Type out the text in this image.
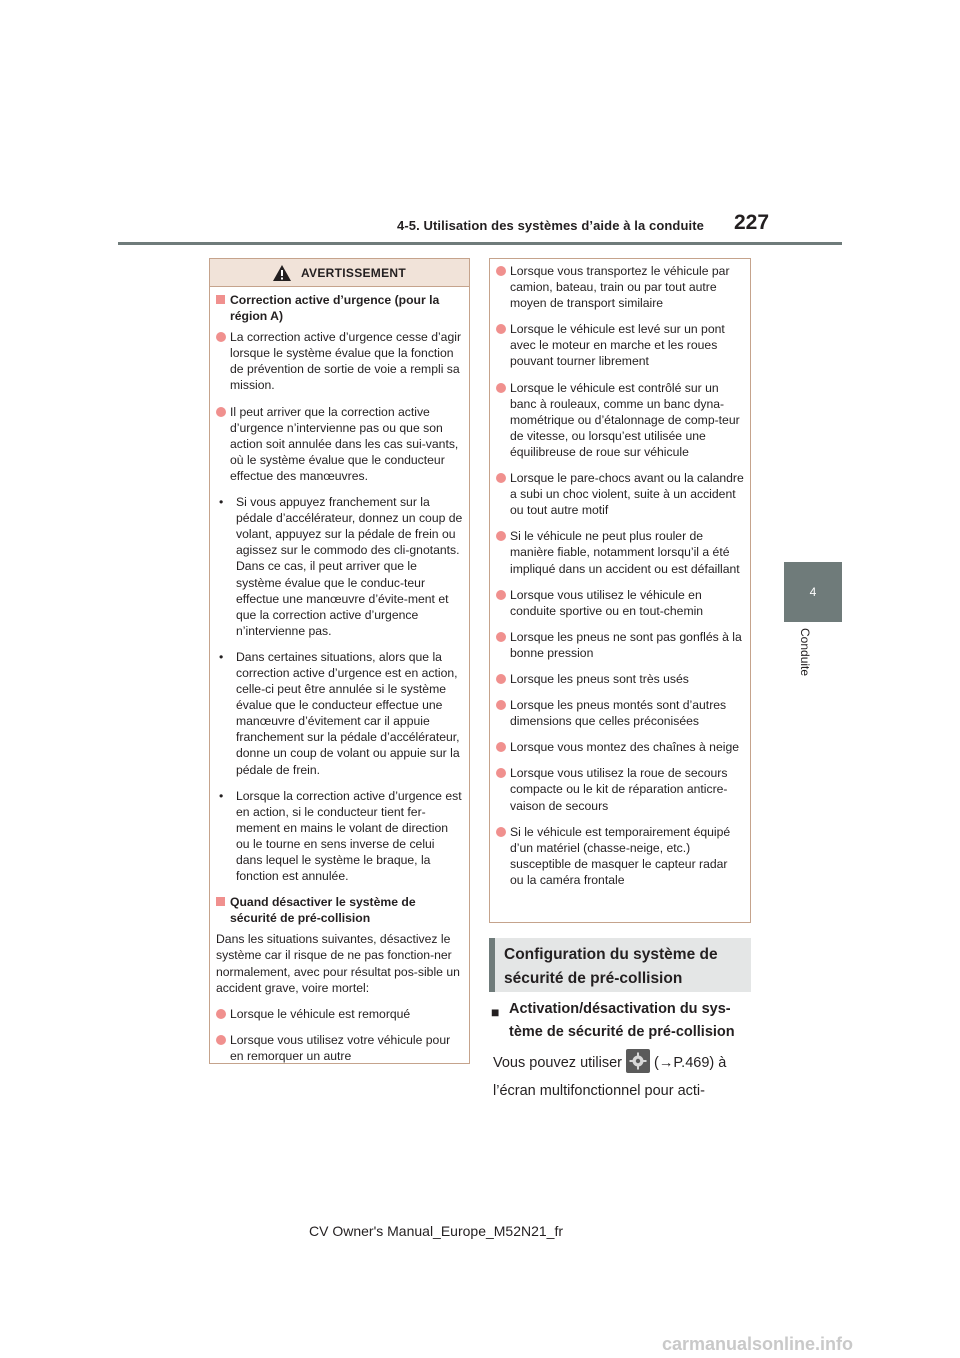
4-5. Utilisation des systèmes d’aide à la conduite 227
4
Conduite
AVERTISSEMENT
Correction active d’urgence (pour la région A)
La correction active d’urgence cesse d’agir lorsque le système évalue que la fonction de prévention de sortie de voie a rempli sa mission.
Il peut arriver que la correction active d’urgence n’intervienne pas ou que son action soit annulée dans les cas sui-vants, où le système évalue que le conducteur effectue des manœuvres.
• Si vous appuyez franchement sur la pédale d’accélérateur, donnez un coup de volant, appuyez sur la pédale de frein ou agissez sur le commodo des cli-gnotants. Dans ce cas, il peut arriver que le système évalue que le conduc-teur effectue une manœuvre d’évite-ment et que la correction active d’urgence n’intervienne pas.
• Dans certaines situations, alors que la correction active d’urgence est en action, celle-ci peut être annulée si le système évalue que le conducteur effectue une manœuvre d’évitement car il appuie franchement sur la pédale d’accélérateur, donne un coup de volant ou appuie sur la pédale de frein.
• Lorsque la correction active d’urgence est en action, si le conducteur tient fer-mement en mains le volant de direction ou le tourne en sens inverse de celui dans lequel le système le braque, la fonction est annulée.
Quand désactiver le système de sécurité de pré-collision
Dans les situations suivantes, désactivez le système car il risque de ne pas fonction-ner normalement, avec pour résultat pos-sible un accident grave, voire mortel:
Lorsque le véhicule est remorqué
Lorsque vous utilisez votre véhicule pour en remorquer un autre
Lorsque vous transportez le véhicule par camion, bateau, train ou par tout autre moyen de transport similaire
Lorsque le véhicule est levé sur un pont avec le moteur en marche et les roues pouvant tourner librement
Lorsque le véhicule est contrôlé sur un banc à rouleaux, comme un banc dyna-mométrique ou d’étalonnage de comp-teur de vitesse, ou lorsqu’est utilisée une équilibreuse de roue sur véhicule
Lorsque le pare-chocs avant ou la calandre a subi un choc violent, suite à un accident ou tout autre motif
Si le véhicule ne peut plus rouler de manière fiable, notamment lorsqu’il a été impliqué dans un accident ou est défaillant
Lorsque vous utilisez le véhicule en conduite sportive ou en tout-chemin
Lorsque les pneus ne sont pas gonflés à la bonne pression
Lorsque les pneus sont très usés
Lorsque les pneus montés sont d’autres dimensions que celles préconisées
Lorsque vous montez des chaînes à neige
Lorsque vous utilisez la roue de secours compacte ou le kit de réparation anticre-vaison de secours
Si le véhicule est temporairement équipé d’un matériel (chasse-neige, etc.) susceptible de masquer le capteur radar ou la caméra frontale
Configuration du système de sécurité de pré-collision
■ Activation/désactivation du sys-tème de sécurité de pré-collision
Vous pouvez utiliser (→P.469) à
l’écran multifonctionnel pour acti-
CV Owner's Manual_Europe_M52N21_fr
carmanualsonline.info
